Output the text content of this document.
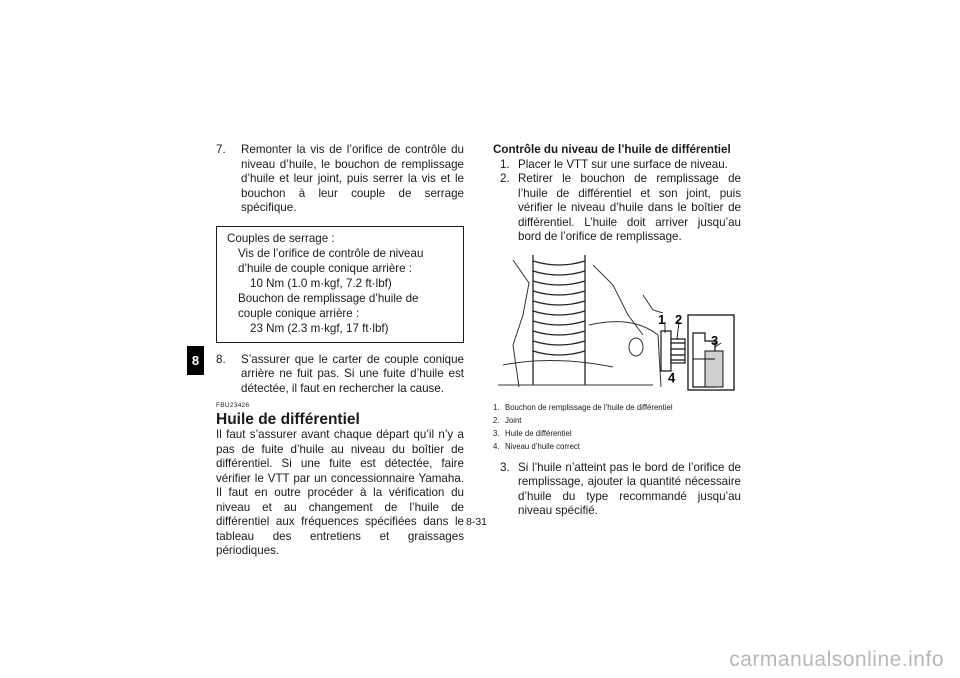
8
7.	Remonter la vis de l’orifice de contrôle du niveau d’huile, le bouchon de remplissage d’huile et leur joint, puis serrer la vis et le bouchon à leur couple de serrage spécifique.
Couples de serrage :
Vis de l’orifice de contrôle de niveau d’huile de couple conique arrière :
10 Nm (1.0 m·kgf, 7.2 ft·lbf)
Bouchon de remplissage d’huile de couple conique arrière :
23 Nm (2.3 m·kgf, 17 ft·lbf)
8.	S’assurer que le carter de couple conique arrière ne fuit pas. Si une fuite d’huile est détectée, il faut en rechercher la cause.
FBU23426
Huile de différentiel
Il faut s’assurer avant chaque départ qu’il n’y a pas de fuite d’huile au niveau du boîtier de différentiel. Si une fuite est détectée, faire vérifier le VTT par un concessionnaire Yamaha. Il faut en outre procéder à la vérification du niveau et au changement de l’huile de différentiel aux fréquences spécifiées dans le tableau des entretiens et graissages périodiques.
Contrôle du niveau de l’huile de différentiel
1. Placer le VTT sur une surface de niveau.
2. Retirer le bouchon de remplissage de l’huile de différentiel et son joint, puis vérifier le niveau d’huile dans le boîtier de différentiel. L’huile doit arriver jusqu’au bord de l’orifice de remplissage.
1 2
3
4
1. Bouchon de remplissage de l’huile de différentiel
2. Joint
3. Huile de différentiel
4. Niveau d’huile correct
3. Si l’huile n’atteint pas le bord de l’orifice de remplissage, ajouter la quantité nécessaire d’huile du type recommandé jusqu’au niveau spécifié.
8-31
carmanualsonline.info
